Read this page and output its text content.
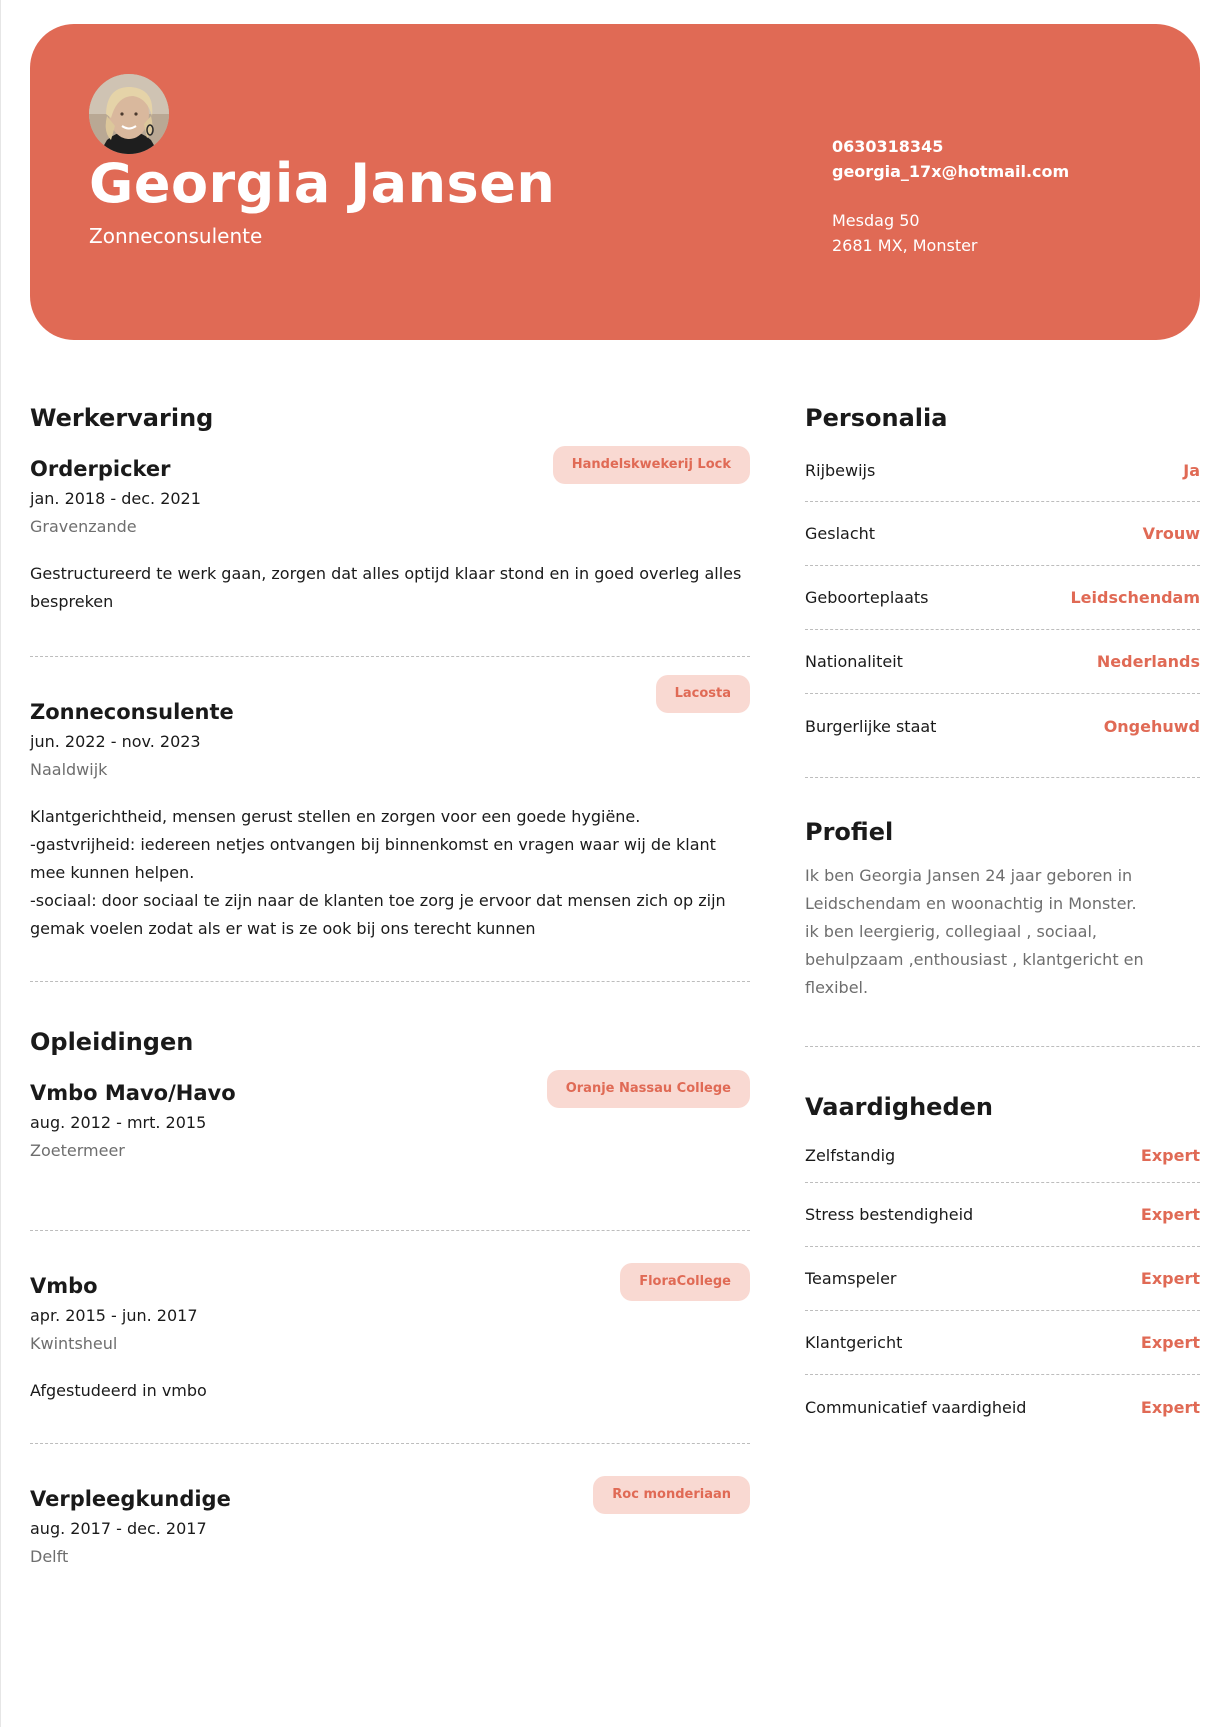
Georgia Jansen
Zonneconsulente
0630318345
georgia_17x@hotmail.com
Mesdag 50
2681 MX, Monster
Werkervaring
Orderpicker
jan. 2018 - dec. 2021
Gravenzande
Gestructureerd te werk gaan, zorgen dat alles optijd klaar stond en in goed overleg alles bespreken
Handelskwekerij Lock
Zonneconsulente
jun. 2022 - nov. 2023
Naaldwijk
Klantgerichtheid, mensen gerust stellen en zorgen voor een goede hygiëne.
-gastvrijheid: iedereen netjes ontvangen bij binnenkomst en vragen waar wij de klant mee kunnen helpen.
-sociaal: door sociaal te zijn naar de klanten toe zorg je ervoor dat mensen zich op zijn gemak voelen zodat als er wat is ze ook bij ons terecht kunnen
Lacosta
Opleidingen
Vmbo Mavo/Havo
aug. 2012 - mrt. 2015
Zoetermeer
Oranje Nassau College
Vmbo
apr. 2015 - jun. 2017
Kwintsheul
Afgestudeerd in vmbo
FloraCollege
Verpleegkundige
aug. 2017 - dec. 2017
Delft
Roc monderiaan
Personalia
Rijbewijs	Ja
Geslacht	Vrouw
Geboorteplaats	Leidschendam
Nationaliteit	Nederlands
Burgerlijke staat	Ongehuwd
Profiel
Ik ben Georgia Jansen 24 jaar geboren in Leidschendam en woonachtig in Monster.
ik ben leergierig, collegiaal , sociaal, behulpzaam ,enthousiast , klantgericht en flexibel.
Vaardigheden
Zelfstandig	Expert
Stress bestendigheid	Expert
Teamspeler	Expert
Klantgericht	Expert
Communicatief vaardigheid	Expert
